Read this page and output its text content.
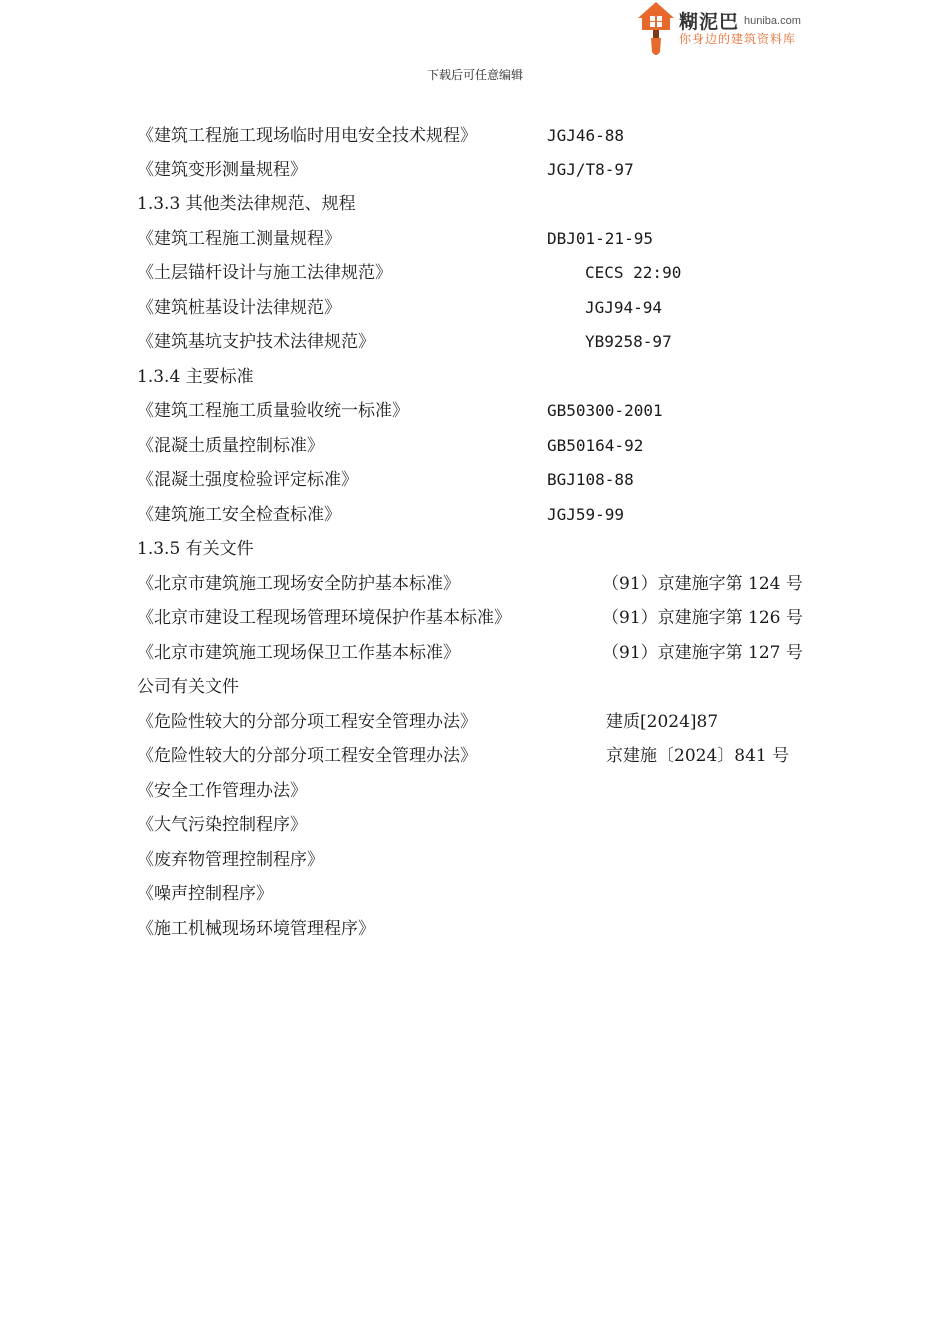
糊泥巴 huniba.com
你身边的建筑资料库
下载后可任意编辑
《建筑工程施工现场临时用电安全技术规程》	JGJ46-88
《建筑变形测量规程》	JGJ/T8-97
1.3.3 其他类法律规范、规程
《建筑工程施工测量规程》	DBJ01-21-95
《土层锚杆设计与施工法律规范》	CECS 22:90
《建筑桩基设计法律规范》	JGJ94-94
《建筑基坑支护技术法律规范》	YB9258-97
1.3.4 主要标准
《建筑工程施工质量验收统一标准》	GB50300-2001
《混凝土质量控制标准》	GB50164-92
《混凝土强度检验评定标准》	BGJ108-88
《建筑施工安全检查标准》	JGJ59-99
1.3.5 有关文件
《北京市建筑施工现场安全防护基本标准》	（91）京建施字第 124 号
《北京市建设工程现场管理环境保护作基本标准》	（91）京建施字第 126 号
《北京市建筑施工现场保卫工作基本标准》	（91）京建施字第 127 号
公司有关文件
《危险性较大的分部分项工程安全管理办法》	建质[2024]87
《危险性较大的分部分项工程安全管理办法》	京建施〔2024〕841 号
《安全工作管理办法》
《大气污染控制程序》
《废弃物管理控制程序》
《噪声控制程序》
《施工机械现场环境管理程序》
